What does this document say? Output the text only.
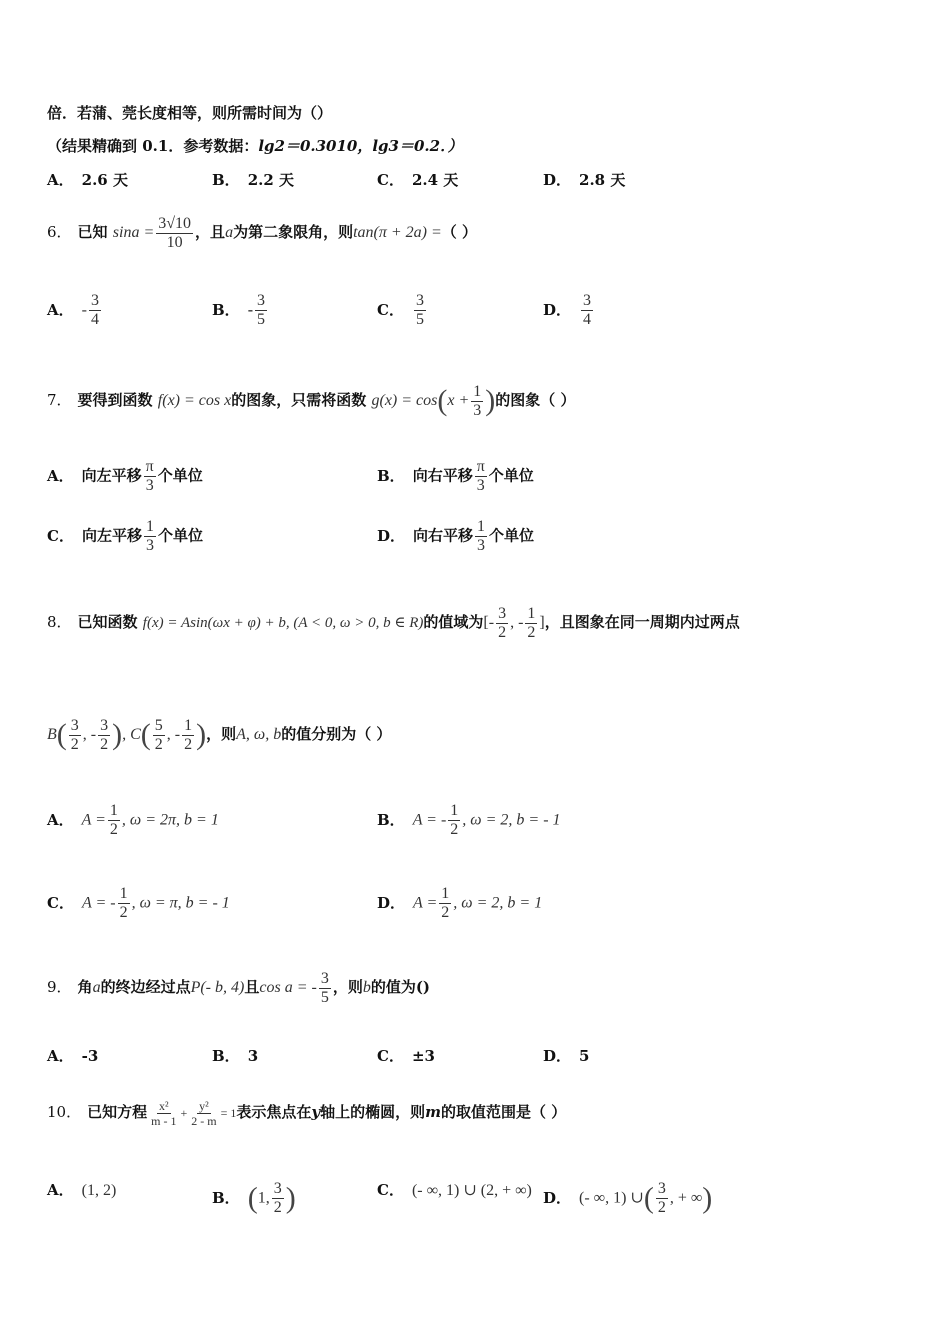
倍．若蒲、莞长度相等，则所需时间为（）
（结果精确到 0.1．参考数据：lg2＝0.3010，lg3＝0.2．）
A． 2.6 天	B． 2.2 天	C． 2.4 天	D． 2.8 天
6． 已知 $\sin a = \frac{3√10}{10}$ ，且a为第二象限角，则tan(π + 2a) =（ ）
A． - $\frac{3}{4}$	B． - $\frac{3}{5}$	C． $\frac{3}{5}$	D． $\frac{3}{4}$
7． 要得到函数 f(x) = cos x的图象，只需将函数 $g(x) = \cos(x + \frac{1}{3}$ )的图象（ ）
A． 向左平移 $\frac{\pi}{3}$ 个单位	B． 向右平移 $\frac{\pi}{3}$ 个单位
C． 向左平移 $\frac{1}{3}$ 个单位	D． 向右平移 $\frac{1}{3}$ 个单位
8． 已知函数 f(x) = Asin(ωx + φ) + b, (A < 0, ω > 0, b ∈ R)的值域为[- $\frac{3}{2}$ , - $\frac{1}{2}$ ]，且图象在同一周期内过两点
$B( \frac{3}{2}$ , - $\frac{3}{2}$ ), $C( \frac{5}{2}$ , - $\frac{1}{2}$ )，则A, ω, b的值分别为（ ）
A． $A = \frac{1}{2}$ , ω = 2π, b = 1	B． A = - $\frac{1}{2}$ , ω = 2, b = - 1
C． A = - $\frac{1}{2}$ , ω = π, b = - 1	D． $A = \frac{1}{2}$ , ω = 2, b = 1
9． 角a的终边经过点P(- b, 4)且cos a = - $\frac{3}{5}$ ，则b的值为()
A． -3	B． 3	C． ±3	D． 5
10． 已知方程 $\frac{\text{x²}}{m - 1} + \frac{\text{y²}}{2 - m} = 1$表示焦点在y轴上的椭圆，则m的取值范围是（ ）
A． (1, 2)	B． (1, $\frac{3}{2}$ )	C． (- ∞, 1) ∪ (2, + ∞) D． (- ∞, 1) ∪( $\frac{3}{2}$ , + ∞)
